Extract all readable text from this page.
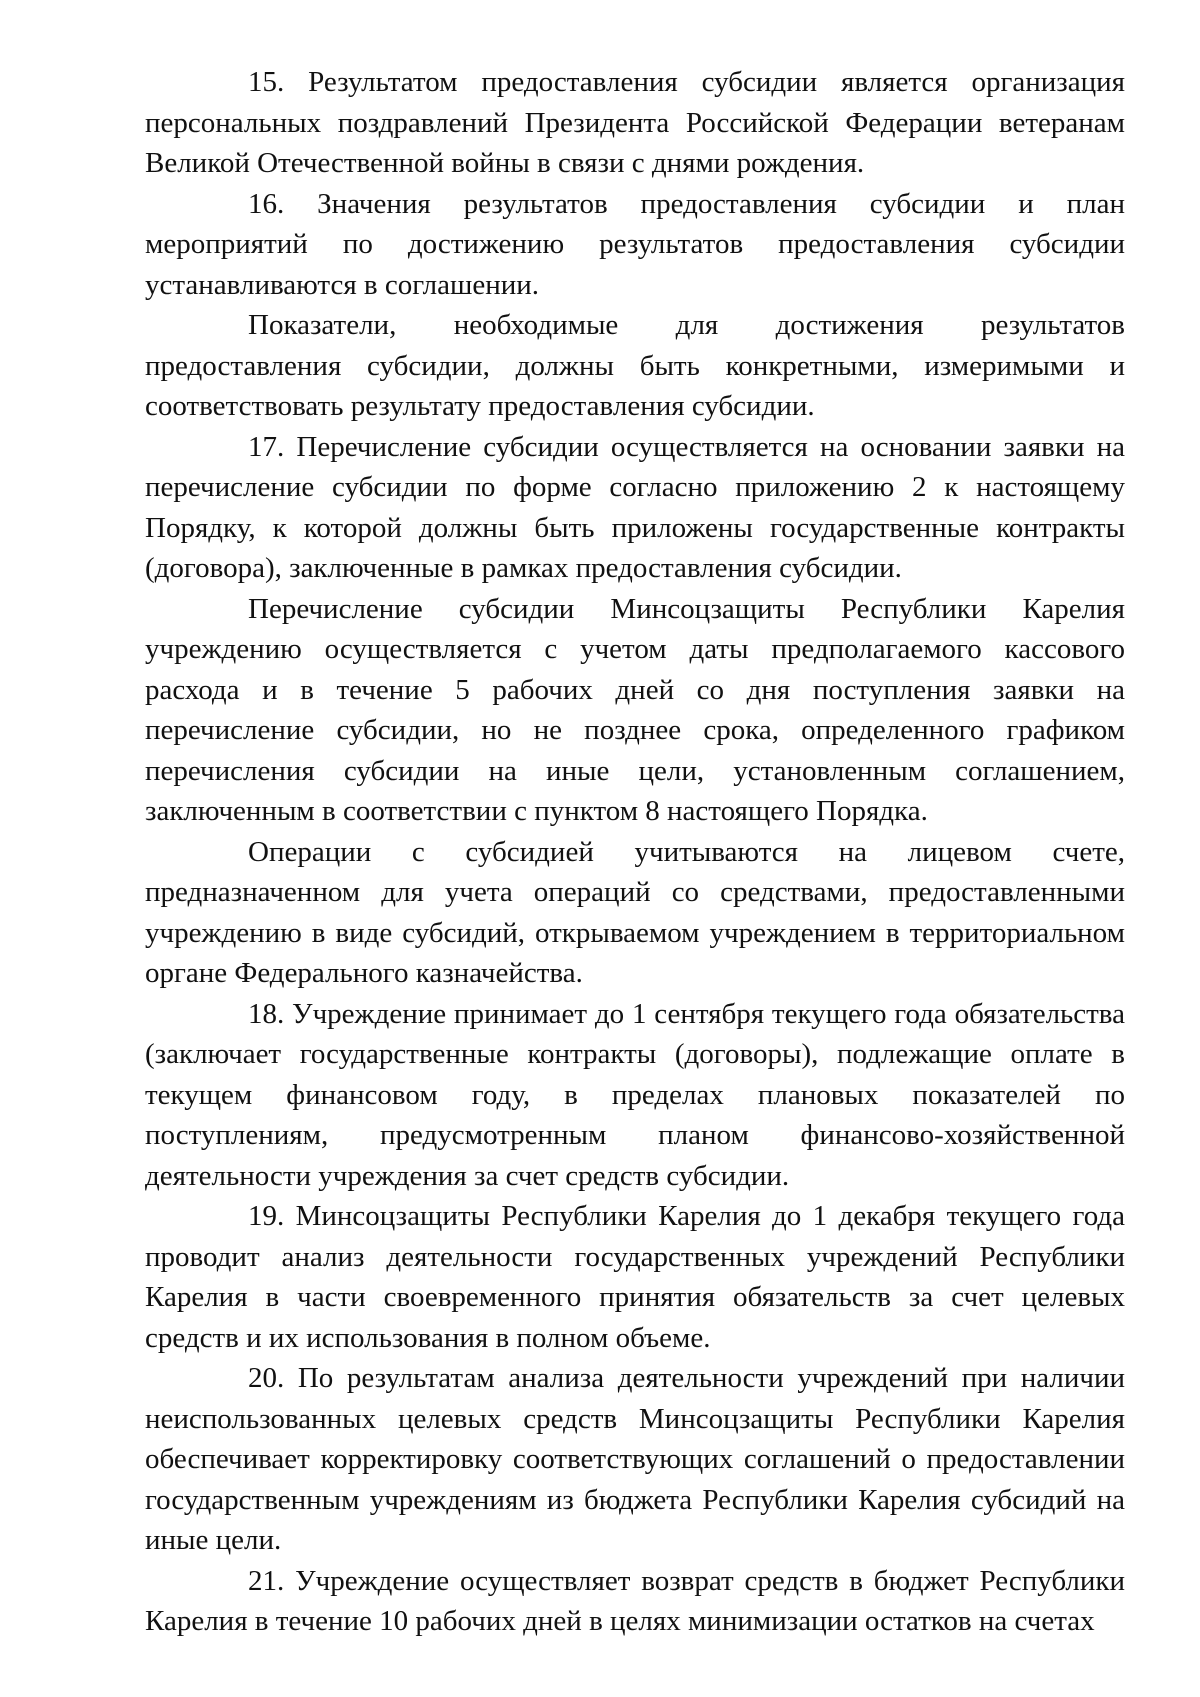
15. Результатом предоставления субсидии является организация персональных поздравлений Президента Российской Федерации ветеранам Великой Отечественной войны в связи с днями рождения.

16. Значения результатов предоставления субсидии и план мероприятий по достижению результатов предоставления субсидии устанавливаются в соглашении.

Показатели, необходимые для достижения результатов предоставления субсидии, должны быть конкретными, измеримыми и соответствовать результату предоставления субсидии.

17. Перечисление субсидии осуществляется на основании заявки на перечисление субсидии по форме согласно приложению 2 к настоящему Порядку, к которой должны быть приложены государственные контракты (договора), заключенные в рамках предоставления субсидии.

Перечисление субсидии Минсоцзащиты Республики Карелия учреждению осуществляется с учетом даты предполагаемого кассового расхода и в течение 5 рабочих дней со дня поступления заявки на перечисление субсидии, но не позднее срока, определенного графиком перечисления субсидии на иные цели, установленным соглашением, заключенным в соответствии с пунктом 8 настоящего Порядка.

Операции с субсидией учитываются на лицевом счете, предназначенном для учета операций со средствами, предоставленными учреждению в виде субсидий, открываемом учреждением в территориальном органе Федерального казначейства.

18. Учреждение принимает до 1 сентября текущего года обязательства (заключает государственные контракты (договоры), подлежащие оплате в текущем финансовом году, в пределах плановых показателей по поступлениям, предусмотренным планом финансово-хозяйственной деятельности учреждения за счет средств субсидии.

19. Минсоцзащиты Республики Карелия до 1 декабря текущего года проводит анализ деятельности государственных учреждений Республики Карелия в части своевременного принятия обязательств за счет целевых средств и их использования в полном объеме.

20. По результатам анализа деятельности учреждений при наличии неиспользованных целевых средств Минсоцзащиты Республики Карелия обеспечивает корректировку соответствующих соглашений о предоставлении государственным учреждениям из бюджета Республики Карелия субсидий на иные цели.

21. Учреждение осуществляет возврат средств в бюджет Республики Карелия в течение 10 рабочих дней в целях минимизации остатков на счетах
